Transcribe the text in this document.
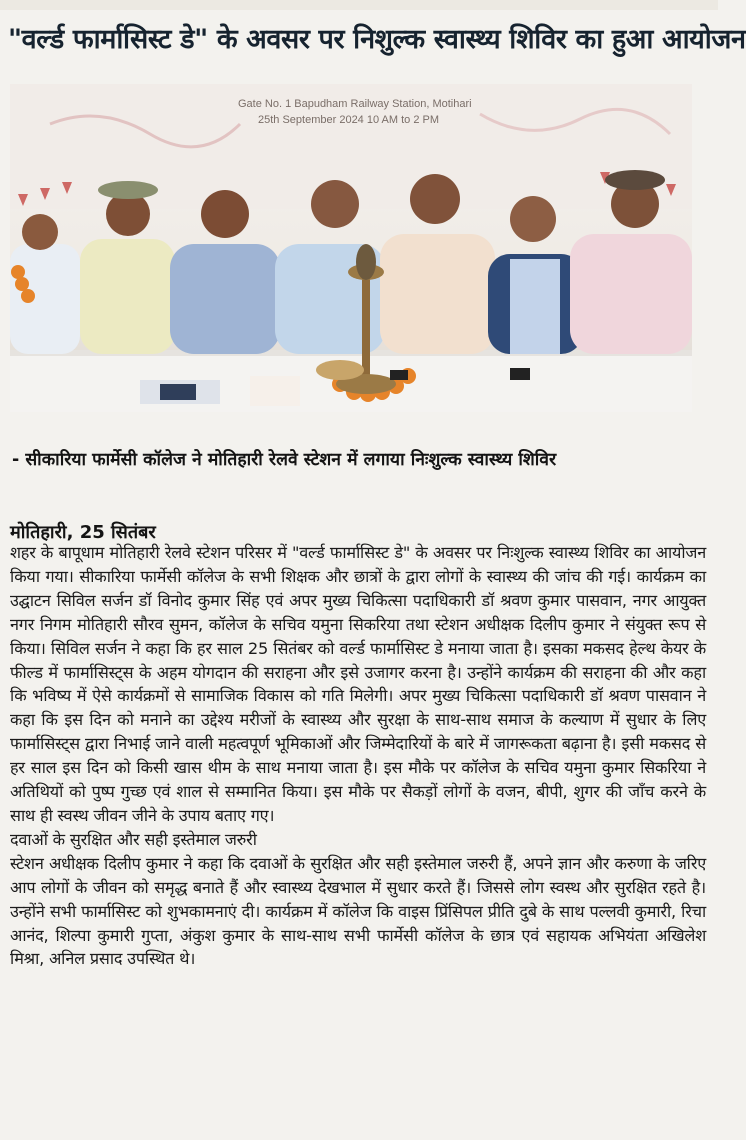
"वर्ल्ड फार्मासिस्ट डे" के अवसर पर निशुल्क स्वास्थ्य शिविर का हुआ आयोजन
Gate No. 1 Bapudham Railway Station, Motihari
25th September 2024 10 AM to 2 PM
- सीकारिया फार्मेसी कॉलेज ने मोतिहारी रेलवे स्टेशन में लगाया निःशुल्क स्वास्थ्य शिविर
मोतिहारी, 25 सितंबर

शहर के बापूधाम मोतिहारी रेलवे स्टेशन परिसर में "वर्ल्ड फार्मासिस्ट डे" के अवसर पर निःशुल्क स्वास्थ्य शिविर का आयोजन किया गया। सीकारिया फार्मेसी कॉलेज के सभी शिक्षक और छात्रों के द्वारा लोगों के स्वास्थ्य की जांच की गई। कार्यक्रम का उद्घाटन सिविल सर्जन डॉ विनोद कुमार सिंह एवं अपर मुख्य चिकित्सा पदाधिकारी डॉ श्रवण कुमार पासवान, नगर आयुक्त नगर निगम मोतिहारी सौरव सुमन, कॉलेज के सचिव यमुना सिकरिया तथा स्टेशन अधीक्षक दिलीप कुमार ने संयुक्त रूप से किया। सिविल सर्जन ने कहा कि हर साल 25 सितंबर को वर्ल्ड फार्मासिस्ट डे मनाया जाता है। इसका मकसद हेल्थ केयर के फील्ड में फार्मासिस्ट्स के अहम योगदान की सराहना और इसे उजागर करना है। उन्होंने कार्यक्रम की सराहना की और कहा कि भविष्य में ऐसे कार्यक्रमों से सामाजिक विकास को गति मिलेगी। अपर मुख्य चिकित्सा पदाधिकारी डॉ श्रवण पासवान ने कहा कि इस दिन को मनाने का उद्देश्य मरीजों के स्वास्थ्य और सुरक्षा के साथ-साथ समाज के कल्याण में सुधार के लिए फार्मासिस्ट्स द्वारा निभाई जाने वाली महत्वपूर्ण भूमिकाओं और जिम्मेदारियों के बारे में जागरूकता बढ़ाना है। इसी मकसद से हर साल इस दिन को किसी खास थीम के साथ मनाया जाता है। इस मौके पर कॉलेज के सचिव यमुना कुमार सिकरिया ने अतिथियों को पुष्प गुच्छ एवं शाल से सम्मानित किया। इस मौके पर सैकड़ों लोगों के वजन, बीपी, शुगर की जाँच करने के साथ ही स्वस्थ जीवन जीने के उपाय बताए गए।

दवाओं के सुरक्षित और सही इस्तेमाल जरुरी

स्टेशन अधीक्षक दिलीप कुमार ने कहा कि दवाओं के सुरक्षित और सही इस्तेमाल जरुरी हैं, अपने ज्ञान और करुणा के जरिए आप लोगों के जीवन को समृद्ध बनाते हैं और स्वास्थ्य देखभाल में सुधार करते हैं। जिससे लोग स्वस्थ और सुरक्षित रहते है। उन्होंने सभी फार्मासिस्ट को शुभकामनाएं दी। कार्यक्रम में कॉलेज कि वाइस प्रिंसिपल प्रीति दुबे के साथ पल्लवी कुमारी, रिचा आनंद, शिल्पा कुमारी गुप्ता, अंकुश कुमार के साथ-साथ सभी फार्मेसी कॉलेज के छात्र एवं सहायक अभियंता अखिलेश मिश्रा, अनिल प्रसाद उपस्थित थे।
